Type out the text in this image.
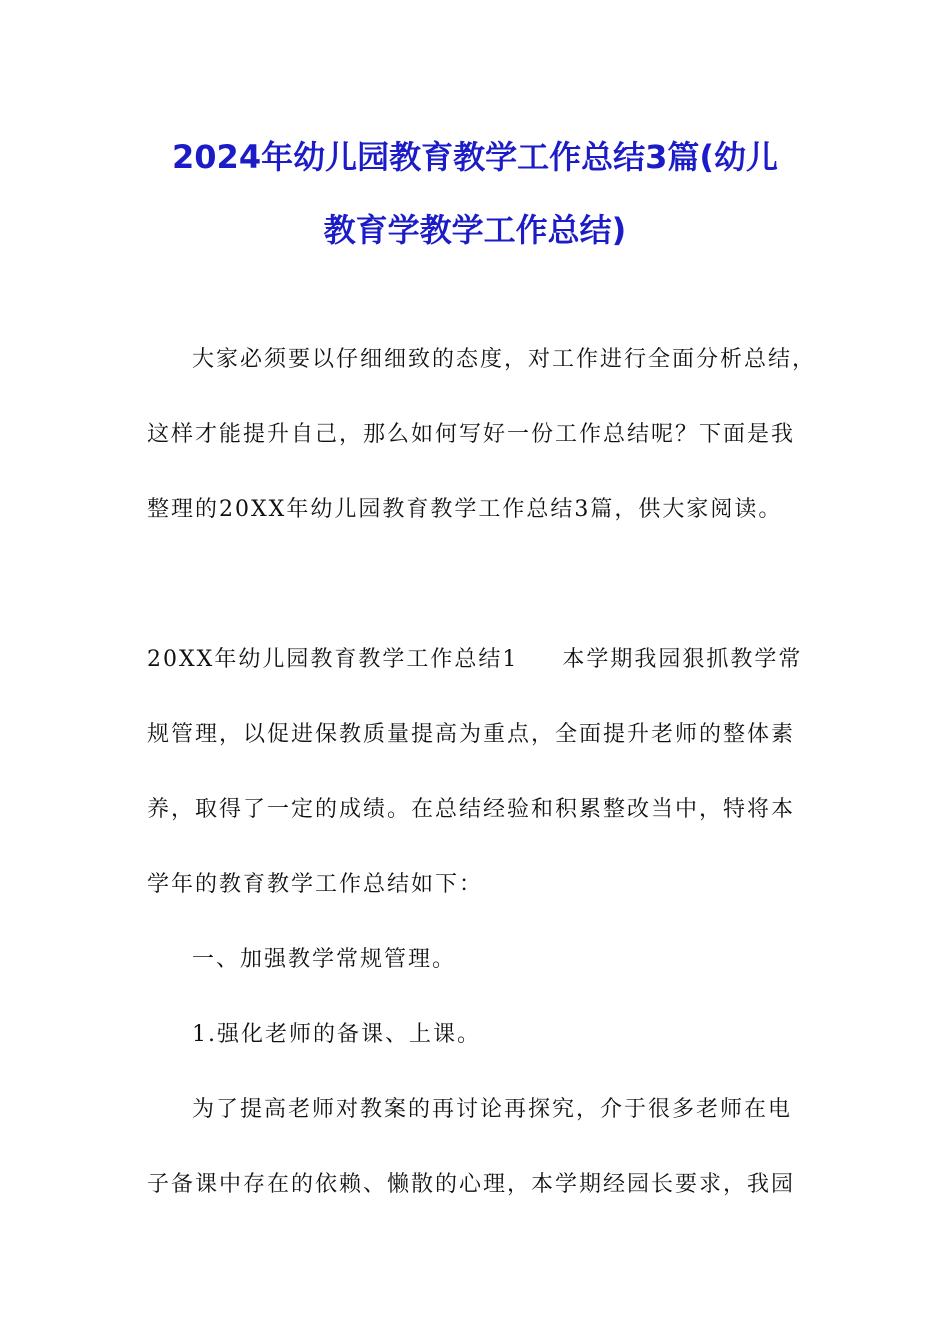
2024年幼儿园教育教学工作总结3篇(幼儿
教育学教学工作总结)
大家必须要以仔细细致的态度，对工作进行全面分析总结，
这样才能提升自己，那么如何写好一份工作总结呢？下面是我
整理的20XX年幼儿园教育教学工作总结3篇，供大家阅读。
20XX年幼儿园教育教学工作总结1 本学期我园狠抓教学常
规管理，以促进保教质量提高为重点，全面提升老师的整体素
养，取得了一定的成绩。在总结经验和积累整改当中，特将本
学年的教育教学工作总结如下：
一、加强教学常规管理。
1.强化老师的备课、上课。
为了提高老师对教案的再讨论再探究，介于很多老师在电
子备课中存在的依赖、懒散的心理，本学期经园长要求，我园
